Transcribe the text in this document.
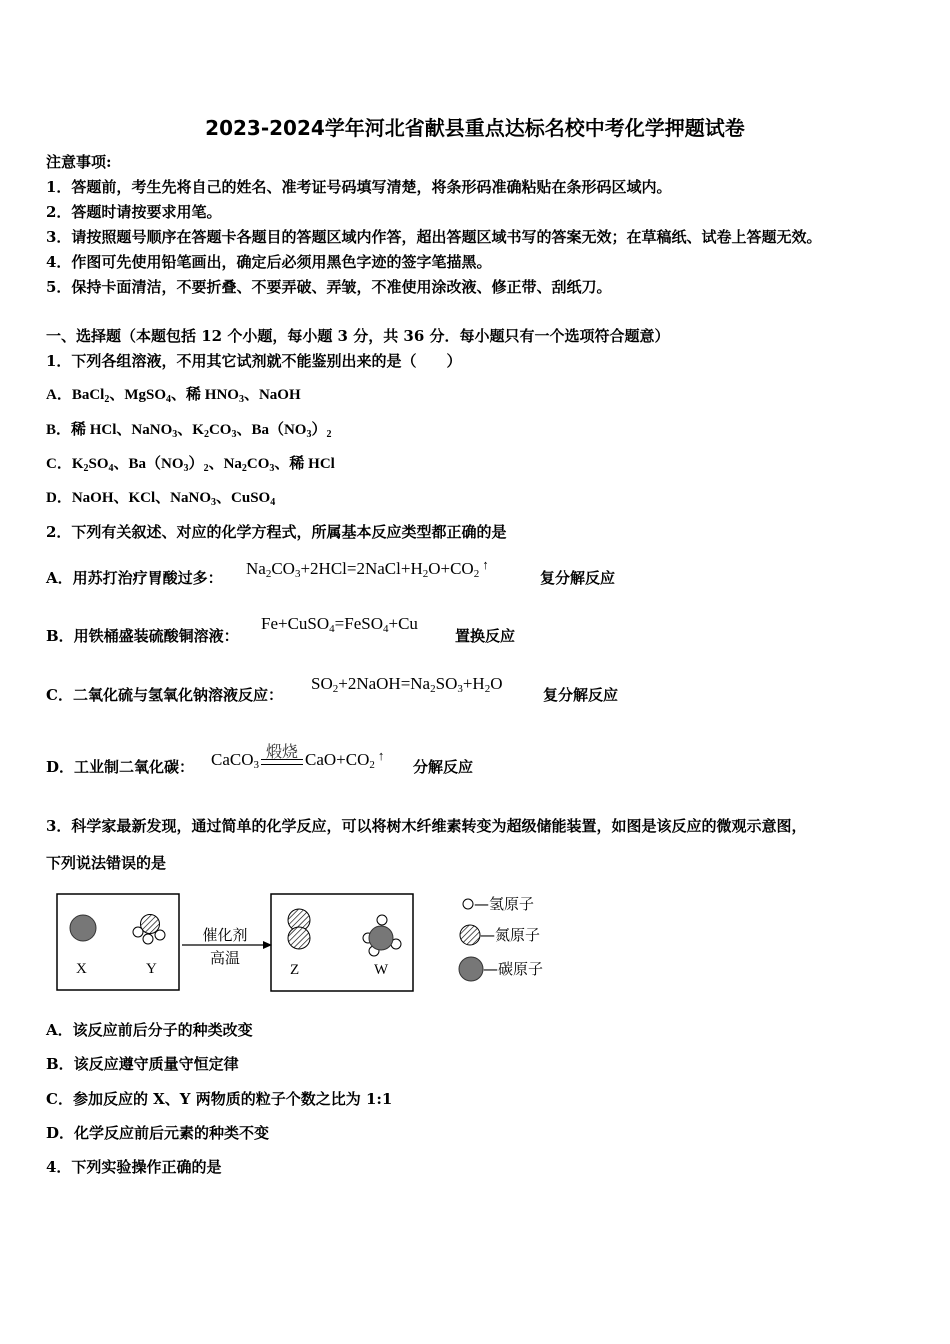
2023-2024学年河北省献县重点达标名校中考化学押题试卷
注意事项:
1．答题前，考生先将自己的姓名、准考证号码填写清楚，将条形码准确粘贴在条形码区域内。
2．答题时请按要求用笔。
3．请按照题号顺序在答题卡各题目的答题区域内作答，超出答题区域书写的答案无效；在草稿纸、试卷上答题无效。
4．作图可先使用铅笔画出，确定后必须用黑色字迹的签字笔描黑。
5．保持卡面清洁，不要折叠、不要弄破、弄皱，不准使用涂改液、修正带、刮纸刀。
一、选择题（本题包括 12 个小题，每小题 3 分，共 36 分．每小题只有一个选项符合题意）
1．下列各组溶液，不用其它试剂就不能鉴别出来的是（　　）
A．BaCl$_2$、MgSO$_4$、稀 $HNO_3$、NaOH
B．稀 HCl、NaNO$_3$、$K_2CO_3$、$Ba(NO_3)_2$
C．$K_2SO_4$、$Ba(NO_3)_2$、$Na_2CO_3$、稀 HCl
D．NaOH、KCl、NaNO$_3$、CuSO$_4$
2．下列有关叙述、对应的化学方程式，所属基本反应类型都正确的是
A．用苏打治疗胃酸过多： $Na_2CO_3+2HCl=2NaCl+H_2O+CO_2^↑$
复分解反应
B．用铁桶盛装硫酸铜溶液：
Fe+CuSO$_4$=FeSO$_4$+Cu
置换反应
C．二氧化硫与氢氧化钠溶液反应：
$SO_2+2NaOH=Na_2SO_3+H_2O$
复分解反应
D．工业制二氧化碳： CaCO$_3$
煅烧 $CaO+CO_2^↑$
分解反应
3．科学家最新发现，通过简单的化学反应，可以将树木纤维素转变为超级储能装置，如图是该反应的微观示意图，
下列说法错误的是
X	Y
催化剂
高温
Z	W
—氢原子
—氮原子
—碳原子
A．该反应前后分子的种类改变
B．该反应遵守质量守恒定律
C．参加反应的 X、Y 两物质的粒子个数之比为 1:1
D．化学反应前后元素的种类不变
4．下列实验操作正确的是
